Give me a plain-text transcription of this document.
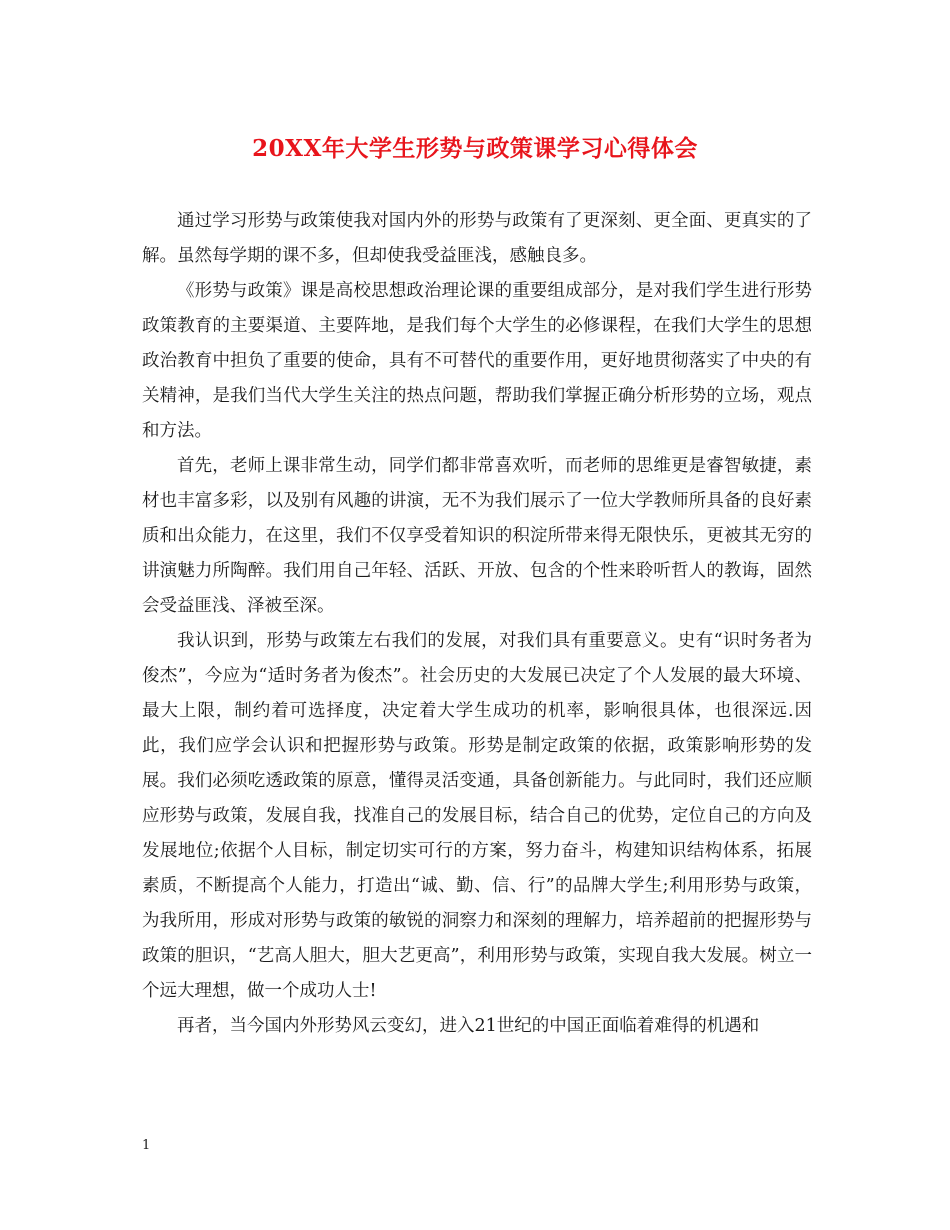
20XX年大学生形势与政策课学习心得体会

通过学习形势与政策使我对国内外的形势与政策有了更深刻、更全面、更真实的了解。虽然每学期的课不多，但却使我受益匪浅，感触良多。

《形势与政策》课是高校思想政治理论课的重要组成部分，是对我们学生进行形势政策教育的主要渠道、主要阵地，是我们每个大学生的必修课程，在我们大学生的思想政治教育中担负了重要的使命，具有不可替代的重要作用，更好地贯彻落实了中央的有关精神，是我们当代大学生关注的热点问题，帮助我们掌握正确分析形势的立场，观点和方法。

首先，老师上课非常生动，同学们都非常喜欢听，而老师的思维更是睿智敏捷，素材也丰富多彩，以及别有风趣的讲演，无不为我们展示了一位大学教师所具备的良好素质和出众能力，在这里，我们不仅享受着知识的积淀所带来得无限快乐，更被其无穷的讲演魅力所陶醉。我们用自己年轻、活跃、开放、包含的个性来聆听哲人的教诲，固然会受益匪浅、泽被至深。

我认识到，形势与政策左右我们的发展，对我们具有重要意义。史有“识时务者为俊杰”，今应为“适时务者为俊杰”。社会历史的大发展已决定了个人发展的最大环境、最大上限，制约着可选择度，决定着大学生成功的机率，影响很具体，也很深远.因此，我们应学会认识和把握形势与政策。形势是制定政策的依据，政策影响形势的发展。我们必须吃透政策的原意，懂得灵活变通，具备创新能力。与此同时，我们还应顺应形势与政策，发展自我，找准自己的发展目标，结合自己的优势，定位自己的方向及发展地位;依据个人目标，制定切实可行的方案，努力奋斗，构建知识结构体系，拓展素质，不断提高个人能力，打造出“诚、勤、信、行”的品牌大学生;利用形势与政策，为我所用，形成对形势与政策的敏锐的洞察力和深刻的理解力，培养超前的把握形势与政策的胆识，“艺高人胆大，胆大艺更高”，利用形势与政策，实现自我大发展。树立一个远大理想，做一个成功人士!

再者，当今国内外形势风云变幻，进入21世纪的中国正面临着难得的机遇和

1
